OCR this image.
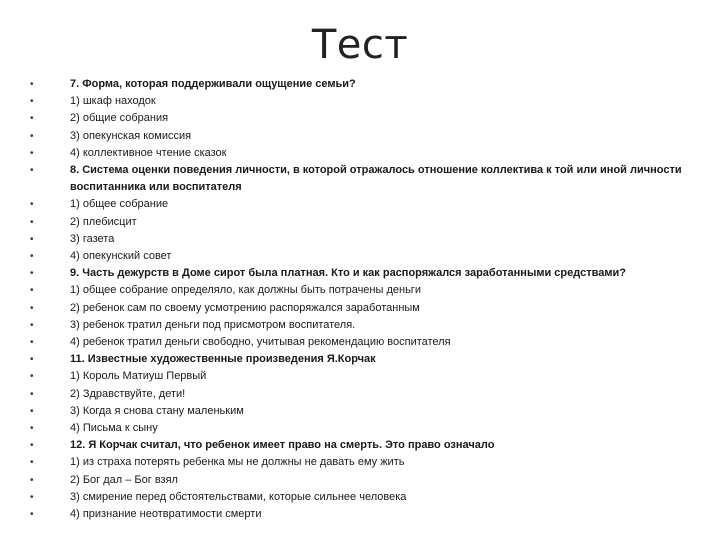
Тест
•	7. Форма, которая поддерживали ощущение семьи?
•	1) шкаф находок
•	2) общие собрания
•	3) опекунская комиссия
•	4) коллективное чтение сказок
•	8. Система оценки поведения личности, в которой отражалось отношение коллектива к той или иной личности воспитанника или воспитателя
•	1) общее собрание
•	2) плебисцит
•	3) газета
•	4) опекунский совет
•	9. Часть дежурств в Доме сирот была платная. Кто и как распоряжался заработанными средствами?
•	1) общее собрание определяло, как должны быть потрачены деньги
•	2) ребенок сам по своему усмотрению распоряжался заработанным
•	3) ребенок тратил деньги под присмотром воспитателя.
•	4) ребенок тратил деньги свободно, учитывая рекомендацию воспитателя
•	11. Известные художественные произведения Я.Корчак
•	1) Король Матиуш Первый
•	2) Здравствуйте, дети!
•	3) Когда я снова стану маленьким
•	4) Письма к сыну
•	12. Я Корчак считал, что ребенок имеет право на смерть. Это право означало
•	1) из страха потерять ребенка мы не должны не давать ему жить
•	2) Бог дал – Бог взял
•	3) смирение перед обстоятельствами, которые сильнее человека
•	4) признание неотвратимости смерти
